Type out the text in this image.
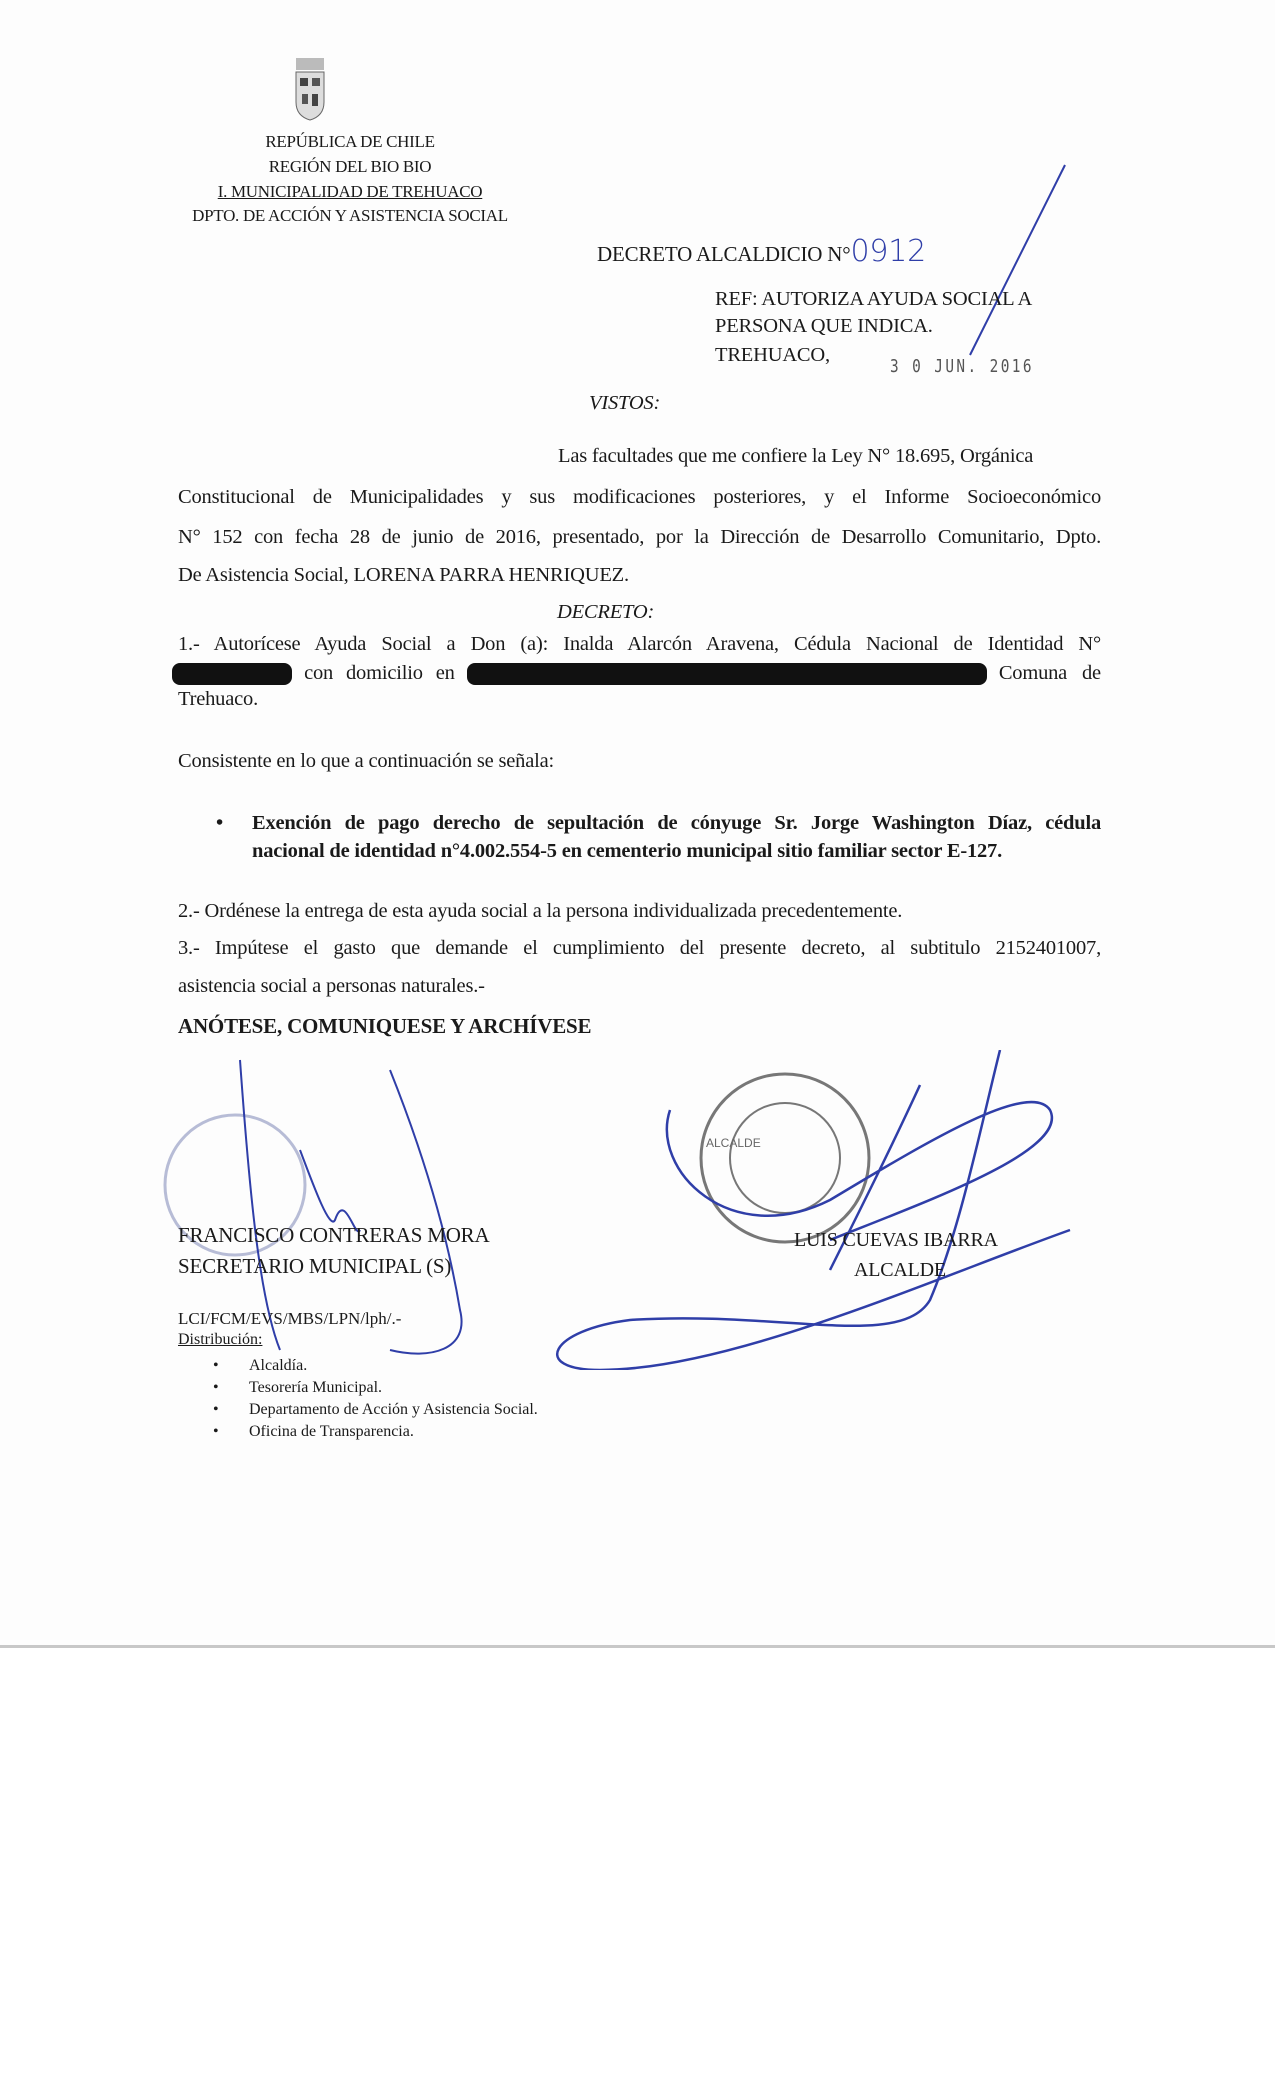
REPÚBLICA DE CHILE
REGIÓN DEL BIO BIO
I. MUNICIPALIDAD DE TREHUACO
DPTO. DE ACCIÓN Y ASISTENCIA SOCIAL
DECRETO ALCALDICIO N°0912
REF: AUTORIZA AYUDA SOCIAL A
PERSONA QUE INDICA.
TREHUACO,
3 0 JUN. 2016
VISTOS:
Las facultades que me confiere la Ley N° 18.695, Orgánica
Constitucional de Municipalidades y sus modificaciones posteriores, y el Informe Socioeconómico
N° 152 con fecha 28 de junio de 2016, presentado, por la Dirección de Desarrollo Comunitario, Dpto.
De Asistencia Social, LORENA PARRA HENRIQUEZ.
DECRETO:
1.- Autorícese Ayuda Social a Don (a): Inalda Alarcón Aravena, Cédula Nacional de Identidad N°
con domicilio en	Comuna de
Trehuaco.
Consistente en lo que a continuación se señala:
• Exención de pago derecho de sepultación de cónyuge Sr. Jorge Washington Díaz, cédula
nacional de identidad n°4.002.554-5 en cementerio municipal sitio familiar sector E-127.
2.- Ordénese la entrega de esta ayuda social a la persona individualizada precedentemente.
3.- Impútese el gasto que demande el cumplimiento del presente decreto, al subtitulo 2152401007,
asistencia social a personas naturales.-
ANÓTESE, COMUNIQUESE Y ARCHÍVESE
ALCALDE
FRANCISCO CONTRERAS MORA
SECRETARIO MUNICIPAL (S)
LUIS CUEVAS IBARRA
ALCALDE
LCI/FCM/EVS/MBS/LPN/lph/.-
Distribución:
• Alcaldía.
• Tesorería Municipal.
• Departamento de Acción y Asistencia Social.
• Oficina de Transparencia.
